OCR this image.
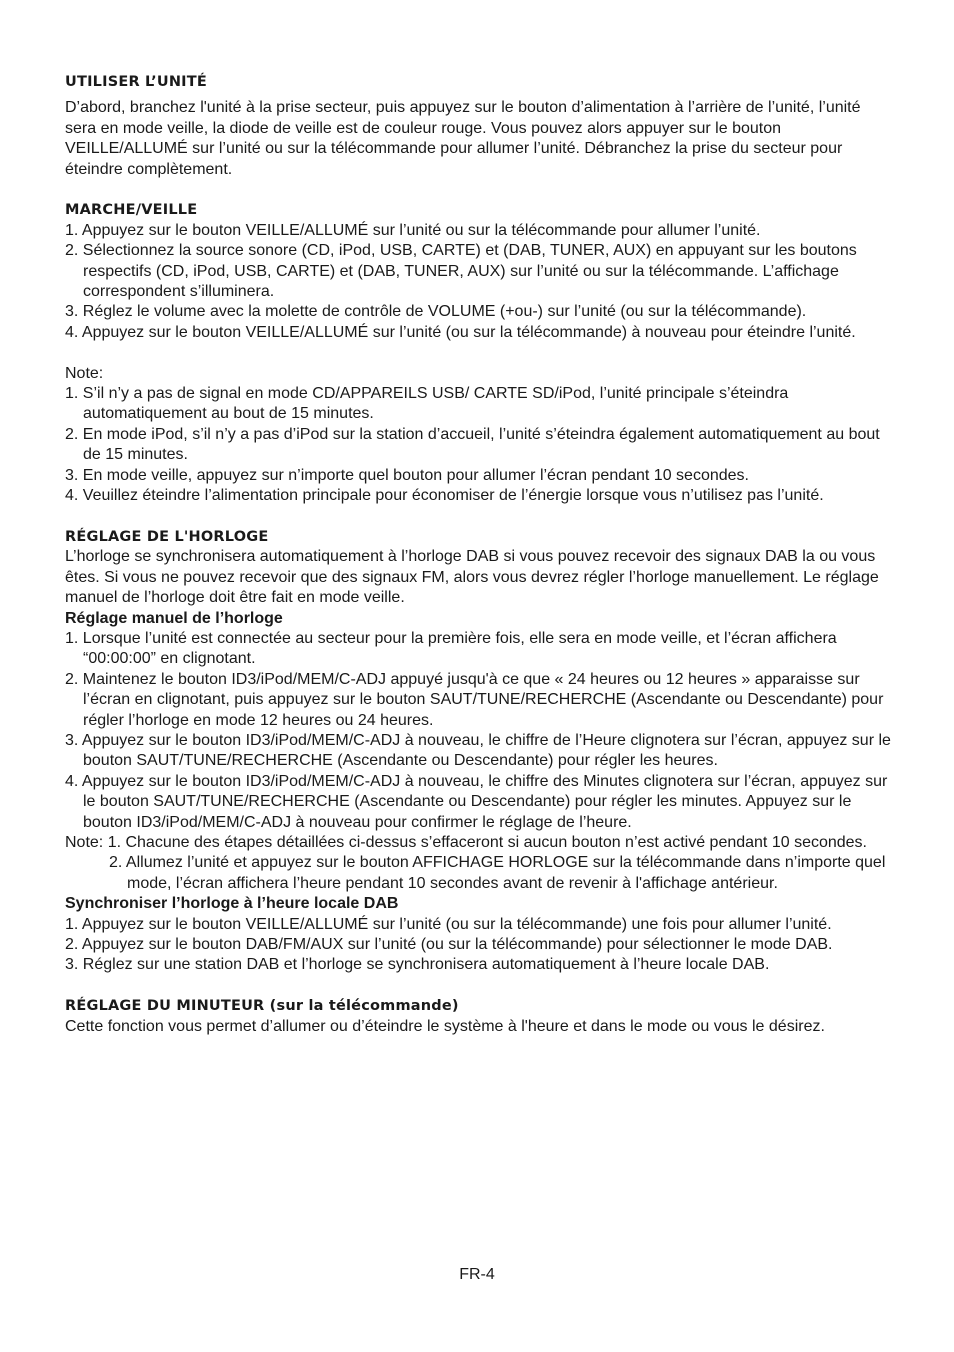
UTILISER L’UNITÉ

D’abord, branchez l'unité à la prise secteur, puis appuyez sur le bouton d’alimentation à l’arrière de l’unité, l’unité sera en mode veille, la diode de veille est de couleur rouge. Vous pouvez alors appuyer sur le bouton VEILLE/ALLUMÉ sur l’unité ou sur la télécommande pour allumer l’unité. Débranchez la prise du secteur pour éteindre complètement.

MARCHE/VEILLE
1. Appuyez sur le bouton VEILLE/ALLUMÉ sur l’unité ou sur la télécommande pour allumer l’unité.
2. Sélectionnez la source sonore (CD, iPod, USB, CARTE) et (DAB, TUNER, AUX) en appuyant sur les boutons respectifs (CD, iPod, USB, CARTE) et (DAB, TUNER, AUX) sur l’unité ou sur la télécommande. L’affichage correspondent s’illuminera.
3. Réglez le volume avec la molette de contrôle de VOLUME (+ou-) sur l’unité (ou sur la télécommande).
4. Appuyez sur le bouton VEILLE/ALLUMÉ sur l’unité (ou sur la télécommande) à nouveau pour éteindre l’unité.

Note:

1. S’il n’y a pas de signal en mode CD/APPAREILS USB/ CARTE SD/iPod, l’unité principale s’éteindra automatiquement au bout de 15 minutes.
2. En mode iPod, s’il n’y a pas d’iPod sur la station d’accueil, l’unité s’éteindra également automatiquement au bout de 15 minutes.
3. En mode veille, appuyez sur n’importe quel bouton pour allumer l’écran pendant 10 secondes.
4. Veuillez éteindre l’alimentation principale pour économiser de l’énergie lorsque vous n’utilisez pas l’unité.
RÉGLAGE DE L'HORLOGE

L’horloge se synchronisera automatiquement à l’horloge DAB si vous pouvez recevoir des signaux DAB la ou vous êtes. Si vous ne pouvez recevoir que des signaux FM, alors vous devrez régler l’horloge manuellement. Le réglage manuel de l’horloge doit être fait en mode veille.

Réglage manuel de l’horloge

1. Lorsque l’unité est connectée au secteur pour la première fois, elle sera en mode veille, et l’écran affichera “00:00:00” en clignotant.
2. Maintenez le bouton ID3/iPod/MEM/C-ADJ appuyé jusqu'à ce que « 24 heures ou 12 heures » apparaisse sur l’écran en clignotant, puis appuyez sur le bouton SAUT/TUNE/RECHERCHE (Ascendante ou Descendante) pour régler l’horloge en mode 12 heures ou 24 heures.
3. Appuyez sur le bouton ID3/iPod/MEM/C-ADJ à nouveau, le chiffre de l’Heure clignotera sur l’écran, appuyez sur le bouton SAUT/TUNE/RECHERCHE (Ascendante ou Descendante) pour régler les heures.
4. Appuyez sur le bouton ID3/iPod/MEM/C-ADJ à nouveau, le chiffre des Minutes clignotera sur l’écran, appuyez sur le bouton SAUT/TUNE/RECHERCHE (Ascendante ou Descendante) pour régler les minutes. Appuyez sur le bouton ID3/iPod/MEM/C-ADJ à nouveau pour confirmer le réglage de l’heure.

Note: 1. Chacune des étapes détaillées ci-dessus s’effaceront si aucun bouton n’est activé pendant 10 secondes.

2. Allumez l’unité et appuyez sur le bouton AFFICHAGE HORLOGE sur la télécommande dans n’importe quel mode, l’écran affichera l’heure pendant 10 secondes avant de revenir à l'affichage antérieur.

Synchroniser l’horloge à l’heure locale DAB

1. Appuyez sur le bouton VEILLE/ALLUMÉ sur l’unité (ou sur la télécommande) une fois pour allumer l’unité.
2. Appuyez sur le bouton DAB/FM/AUX sur l’unité (ou sur la télécommande) pour sélectionner le mode DAB.
3. Réglez sur une station DAB et l’horloge se synchronisera automatiquement à l’heure locale DAB.
RÉGLAGE DU MINUTEUR (sur la télécommande)

Cette fonction vous permet d’allumer ou d’éteindre le système à l'heure et dans le mode ou vous le désirez.

FR-4
